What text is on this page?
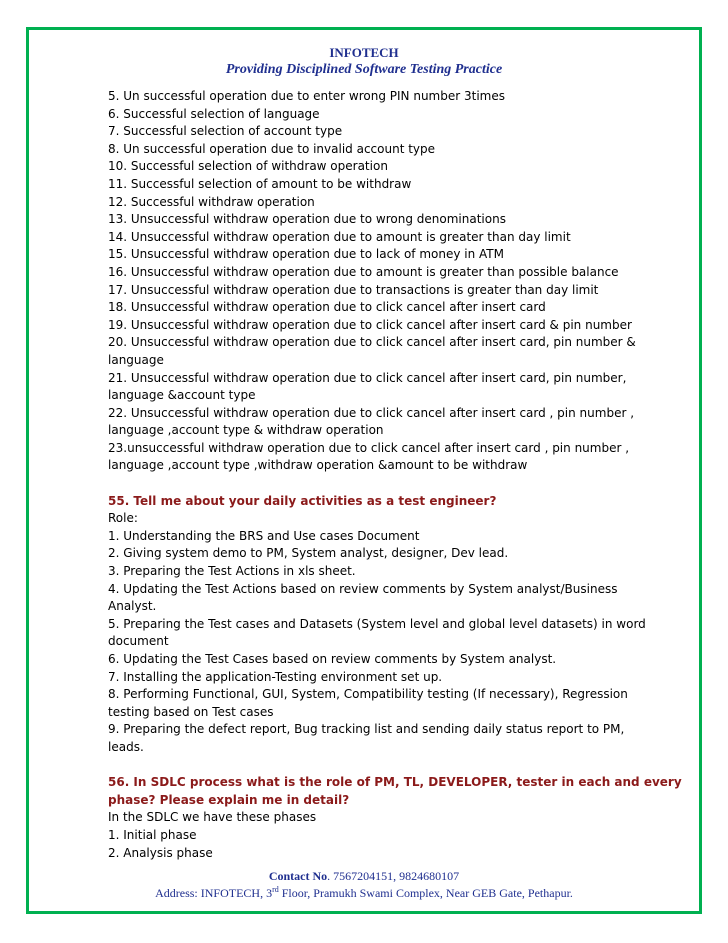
INFOTECH
Providing Disciplined Software Testing Practice
5. Un successful operation due to enter wrong PIN number 3times
6. Successful selection of language
7. Successful selection of account type
8. Un successful operation due to invalid account type
10. Successful selection of withdraw operation
11. Successful selection of amount to be withdraw
12. Successful withdraw operation
13. Unsuccessful withdraw operation due to wrong denominations
14. Unsuccessful withdraw operation due to amount is greater than day limit
15. Unsuccessful withdraw operation due to lack of money in ATM
16. Unsuccessful withdraw operation due to amount is greater than possible balance
17. Unsuccessful withdraw operation due to transactions is greater than day limit
18. Unsuccessful withdraw operation due to click cancel after insert card
19. Unsuccessful withdraw operation due to click cancel after insert card & pin number
20. Unsuccessful withdraw operation due to click cancel after insert card, pin number &
language
21. Unsuccessful withdraw operation due to click cancel after insert card, pin number,
language &account type
22. Unsuccessful withdraw operation due to click cancel after insert card , pin number ,
language ,account type & withdraw operation
23.unsuccessful withdraw operation due to click cancel after insert card , pin number ,
language ,account type ,withdraw operation &amount to be withdraw
55. Tell me about your daily activities as a test engineer?
Role:
1. Understanding the BRS and Use cases Document
2. Giving system demo to PM, System analyst, designer, Dev lead.
3. Preparing the Test Actions in xls sheet.
4. Updating the Test Actions based on review comments by System analyst/Business
Analyst.
5. Preparing the Test cases and Datasets (System level and global level datasets) in word
document
6. Updating the Test Cases based on review comments by System analyst.
7. Installing the application-Testing environment set up.
8. Performing Functional, GUI, System, Compatibility testing (If necessary), Regression
testing based on Test cases
9. Preparing the defect report, Bug tracking list and sending daily status report to PM,
leads.
56. In SDLC process what is the role of PM, TL, DEVELOPER, tester in each and every
phase? Please explain me in detail?
In the SDLC we have these phases
1. Initial phase
2. Analysis phase
Contact No. 7567204151, 9824680107
Address: INFOTECH, 3rd Floor, Pramukh Swami Complex, Near GEB Gate, Pethapur.
